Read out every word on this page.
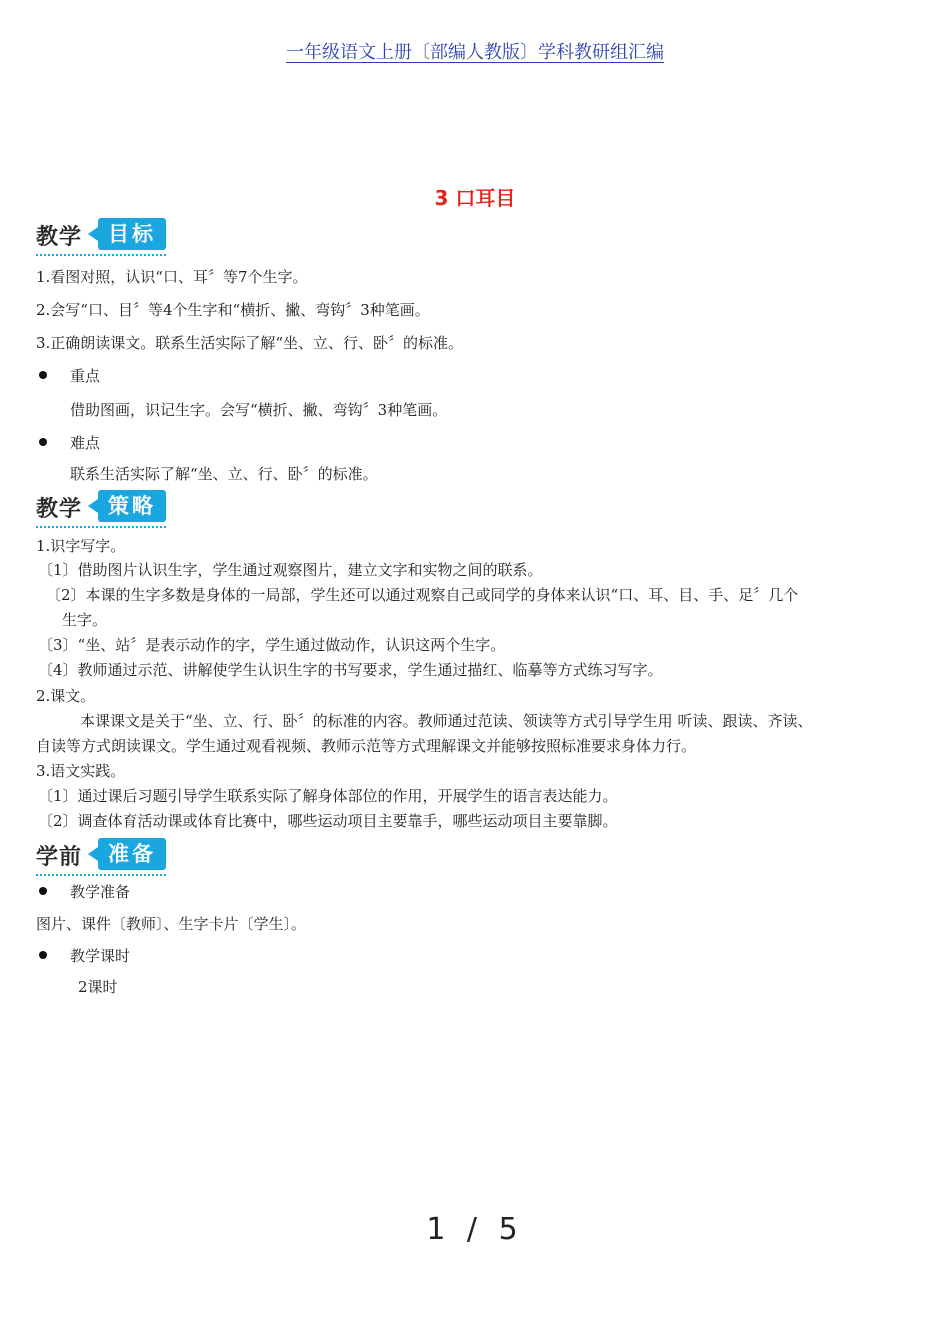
一年级语文上册〔部编人教版〕学科教研组汇编
3 口耳目
教学	目标
1.看图对照，认识“口、耳〞等7个生字。
2.会写“口、目〞等4个生字和“横折、撇、弯钩〞3种笔画。
3.正确朗读课文。联系生活实际了解“坐、立、行、卧〞的标准。
重点
借助图画，识记生字。会写“横折、撇、弯钩〞3种笔画。
难点
联系生活实际了解“坐、立、行、卧〞的标准。
教学	策略
1.识字写字。
〔1〕借助图片认识生字，学生通过观察图片，建立文字和实物之间的联系。
〔2〕本课的生字多数是身体的一局部，学生还可以通过观察自己或同学的身体来认识“口、耳、目、手、足〞几个
生字。
〔3〕“坐、站〞是表示动作的字，学生通过做动作，认识这两个生字。
〔4〕教师通过示范、讲解使学生认识生字的书写要求，学生通过描红、临摹等方式练习写字。
2.课文。
本课课文是关于“坐、立、行、卧〞的标准的内容。教师通过范读、领读等方式引导学生用 听读、跟读、齐读、
自读等方式朗读课文。学生通过观看视频、教师示范等方式理解课文并能够按照标准要求身体力行。
3.语文实践。
〔1〕通过课后习题引导学生联系实际了解身体部位的作用，开展学生的语言表达能力。
〔2〕调查体育活动课或体育比赛中，哪些运动项目主要靠手，哪些运动项目主要靠脚。
学前	准备
教学准备
图片、课件〔教师〕、生字卡片〔学生〕。
教学课时
2课时
1 / 5
